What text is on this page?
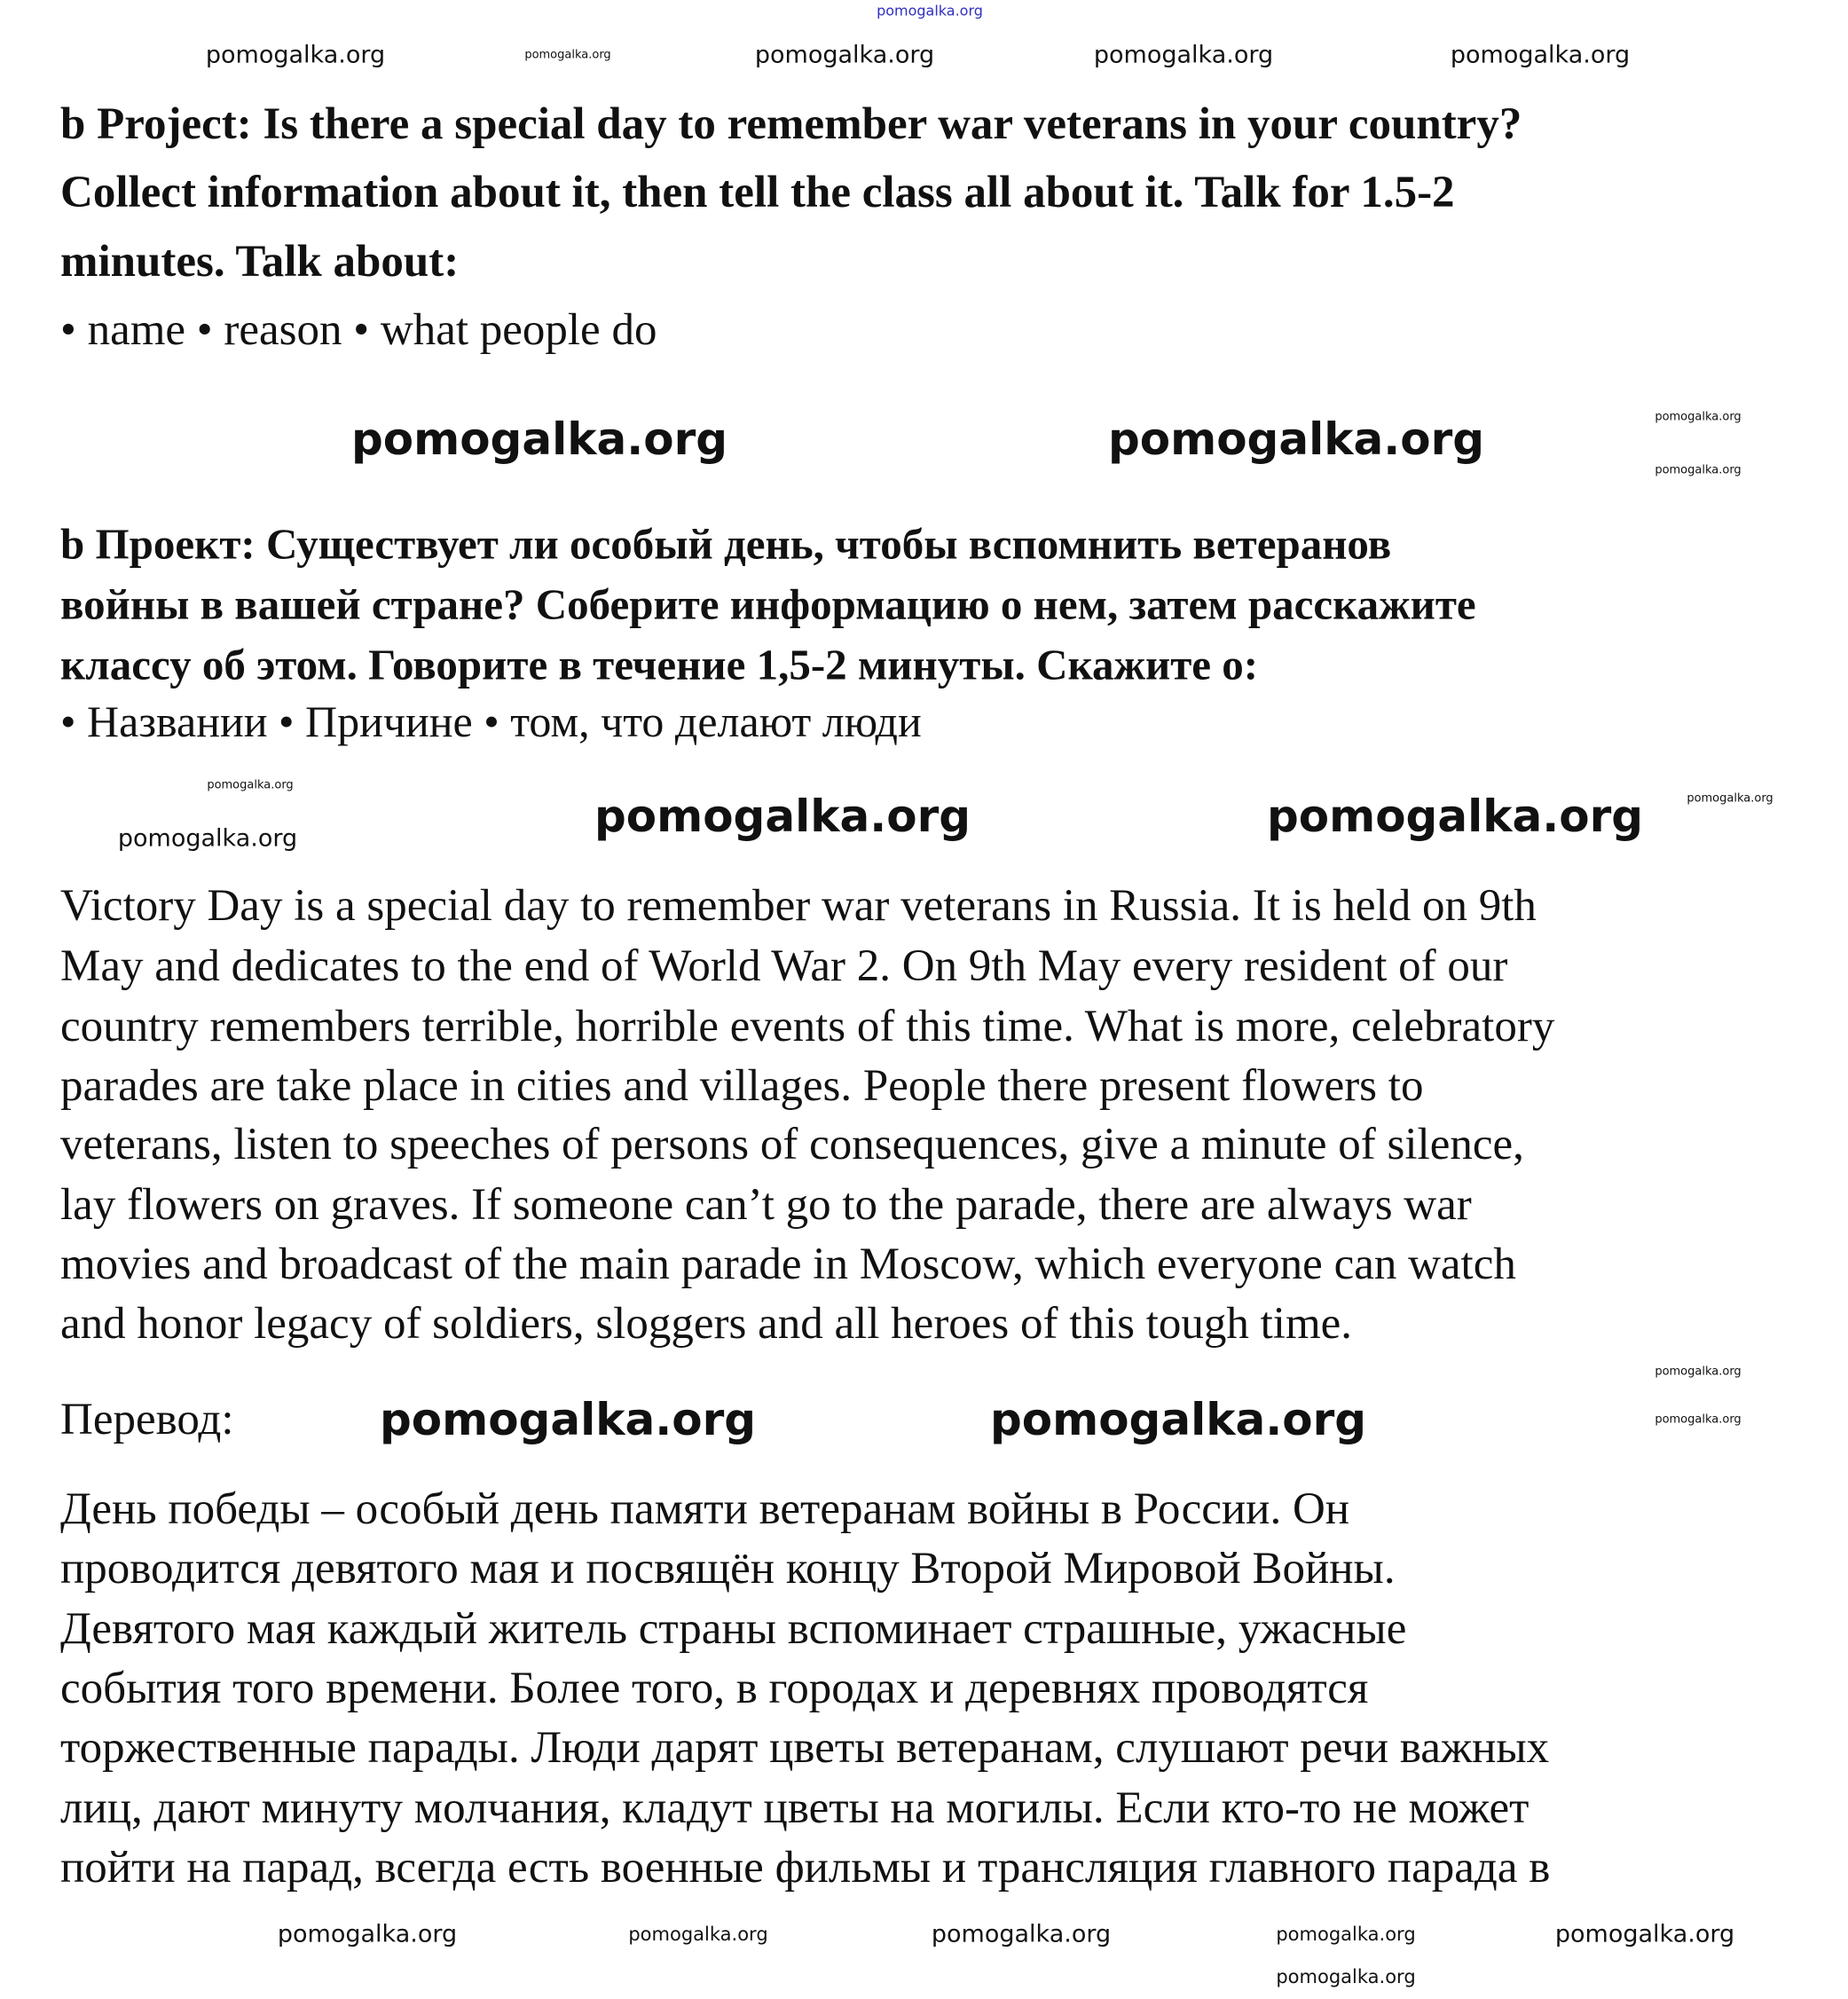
b Project: Is there a special day to remember war veterans in your country?
Collect information about it, then tell the class all about it. Talk for 1.5-2
minutes. Talk about:
• name • reason • what people do
b Проект: Существует ли особый день, чтобы вспомнить ветеранов
войны в вашей стране? Соберите информацию о нем, затем расскажите
классу об этом. Говорите в течение 1,5-2 минуты. Скажите о:
• Названии • Причине • том, что делают люди
Victory Day is a special day to remember war veterans in Russia. It is held on 9th
May and dedicates to the end of World War 2. On 9th May every resident of our
country remembers terrible, horrible events of this time. What is more, celebratory
parades are take place in cities and villages. People there present flowers to
veterans, listen to speeches of persons of consequences, give a minute of silence,
lay flowers on graves. If someone can’t go to the parade, there are always war
movies and broadcast of the main parade in Moscow, which everyone can watch
and honor legacy of soldiers, sloggers and all heroes of this tough time.
Перевод:
День победы – особый день памяти ветеранам войны в России. Он
проводится девятого мая и посвящён концу Второй Мировой Войны.
Девятого мая каждый житель страны вспоминает страшные, ужасные
события того времени. Более того, в городах и деревнях проводятся
торжественные парады. Люди дарят цветы ветеранам, слушают речи важных
лиц, дают минуту молчания, кладут цветы на могилы. Если кто-то не может
пойти на парад, всегда есть военные фильмы и трансляция главного парада в
pomogalka.org
pomogalka.org	pomogalka.org	pomogalka.org	pomogalka.org	pomogalka.org
pomogalka.org	pomogalka.org	pomogalka.org
pomogalka.org
pomogalka.org
pomogalka.org
pomogalka.org	pomogalka.org	pomogalka.org
pomogalka.org
pomogalka.org	pomogalka.org	pomogalka.org
pomogalka.org	pomogalka.org	pomogalka.org	pomogalka.org	pomogalka.org
pomogalka.org
